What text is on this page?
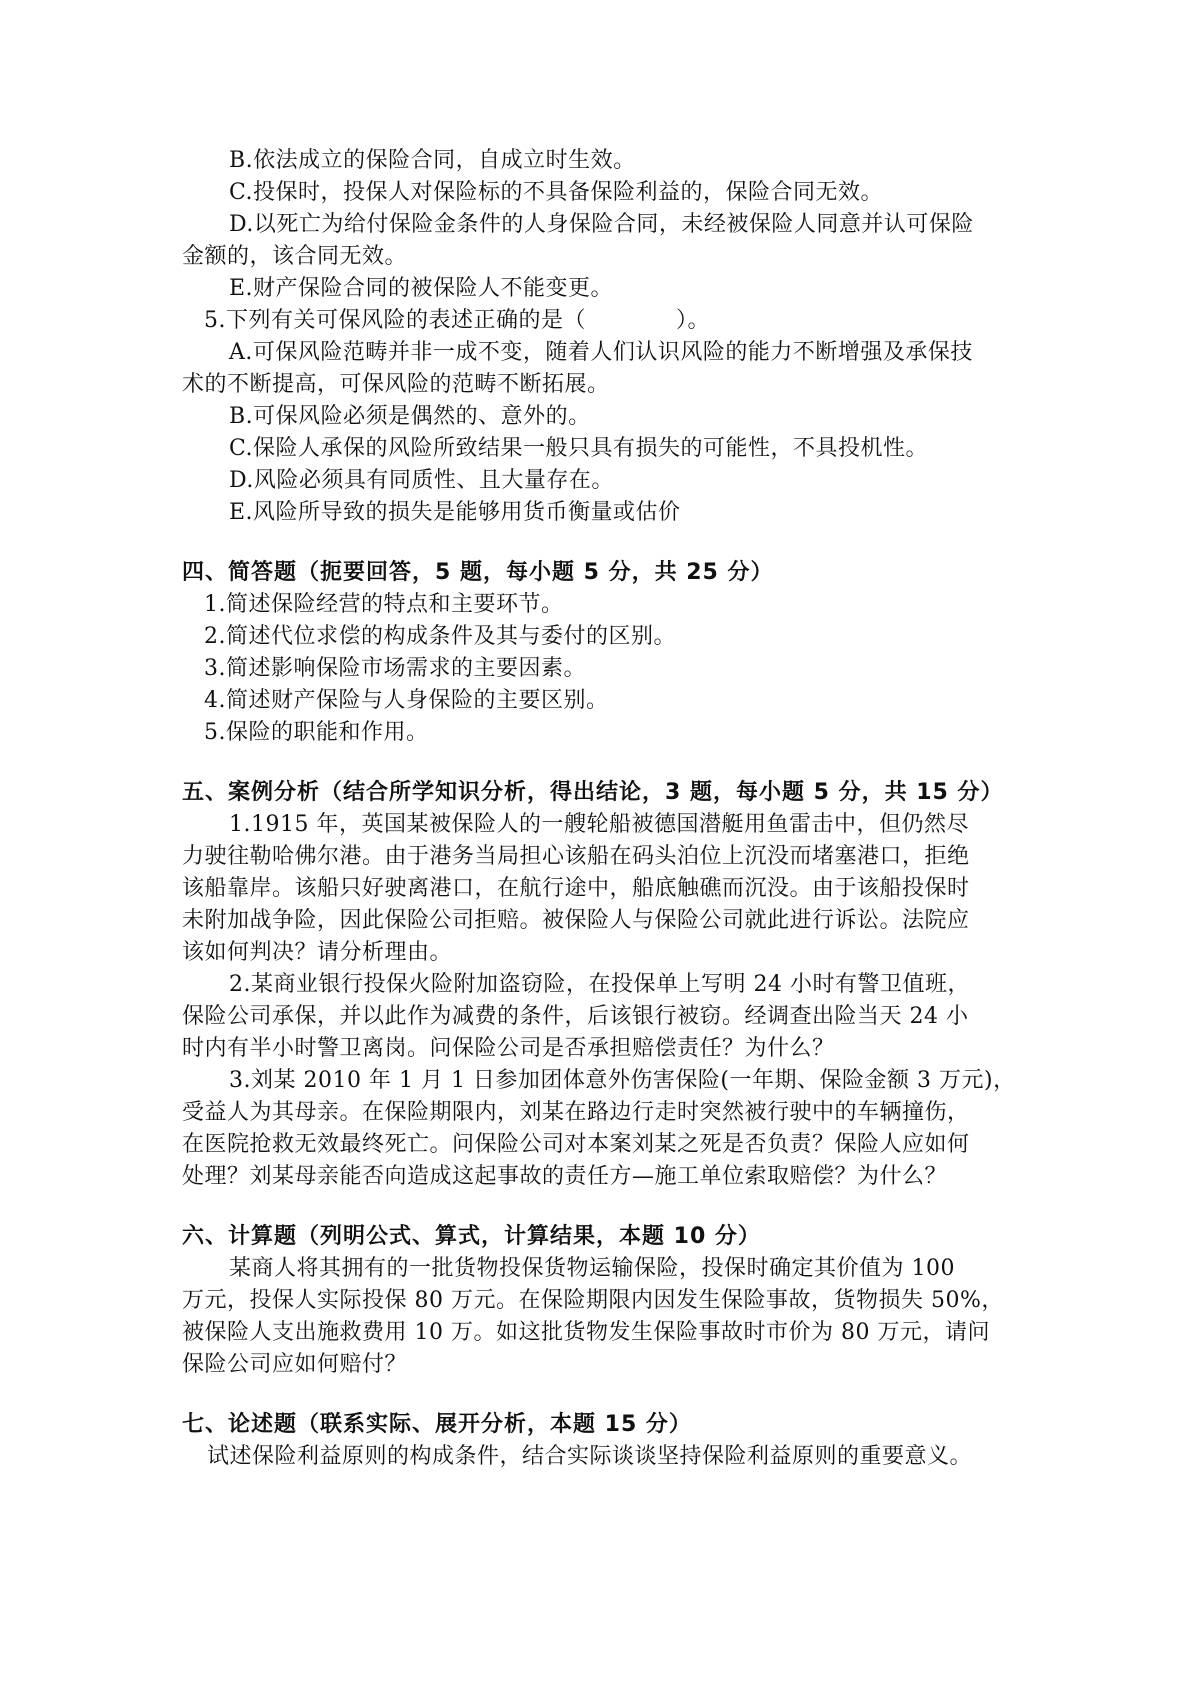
B.依法成立的保险合同，自成立时生效。
C.投保时，投保人对保险标的不具备保险利益的，保险合同无效。
D.以死亡为给付保险金条件的人身保险合同，未经被保险人同意并认可保险
金额的，该合同无效。
E.财产保险合同的被保险人不能变更。
5.下列有关可保风险的表述正确的是（　　　　）。
A.可保风险范畴并非一成不变，随着人们认识风险的能力不断增强及承保技
术的不断提高，可保风险的范畴不断拓展。
B.可保风险必须是偶然的、意外的。
C.保险人承保的风险所致结果一般只具有损失的可能性，不具投机性。
D.风险必须具有同质性、且大量存在。
E.风险所导致的损失是能够用货币衡量或估价
四、简答题（扼要回答，5 题，每小题 5 分，共 25 分）
1.简述保险经营的特点和主要环节。
2.简述代位求偿的构成条件及其与委付的区别。
3.简述影响保险市场需求的主要因素。
4.简述财产保险与人身保险的主要区别。
5.保险的职能和作用。
五、案例分析（结合所学知识分析，得出结论，3 题，每小题 5 分，共 15 分）
1.1915 年，英国某被保险人的一艘轮船被德国潜艇用鱼雷击中，但仍然尽
力驶往勒哈佛尔港。由于港务当局担心该船在码头泊位上沉没而堵塞港口，拒绝
该船靠岸。该船只好驶离港口，在航行途中，船底触礁而沉没。由于该船投保时
未附加战争险，因此保险公司拒赔。被保险人与保险公司就此进行诉讼。法院应
该如何判决？请分析理由。
2.某商业银行投保火险附加盗窃险，在投保单上写明 24 小时有警卫值班，
保险公司承保，并以此作为减费的条件，后该银行被窃。经调查出险当天 24 小
时内有半小时警卫离岗。问保险公司是否承担赔偿责任？为什么？
3.刘某 2010 年 1 月 1 日参加团体意外伤害保险(一年期、保险金额 3 万元)，
受益人为其母亲。在保险期限内，刘某在路边行走时突然被行驶中的车辆撞伤，
在医院抢救无效最终死亡。问保险公司对本案刘某之死是否负责？保险人应如何
处理？刘某母亲能否向造成这起事故的责任方—施工单位索取赔偿？为什么？
六、计算题（列明公式、算式，计算结果，本题 10 分）
某商人将其拥有的一批货物投保货物运输保险，投保时确定其价值为 100
万元，投保人实际投保 80 万元。在保险期限内因发生保险事故，货物损失 50%，
被保险人支出施救费用 10 万。如这批货物发生保险事故时市价为 80 万元，请问
保险公司应如何赔付？
七、论述题（联系实际、展开分析，本题 15 分）
试述保险利益原则的构成条件，结合实际谈谈坚持保险利益原则的重要意义。
